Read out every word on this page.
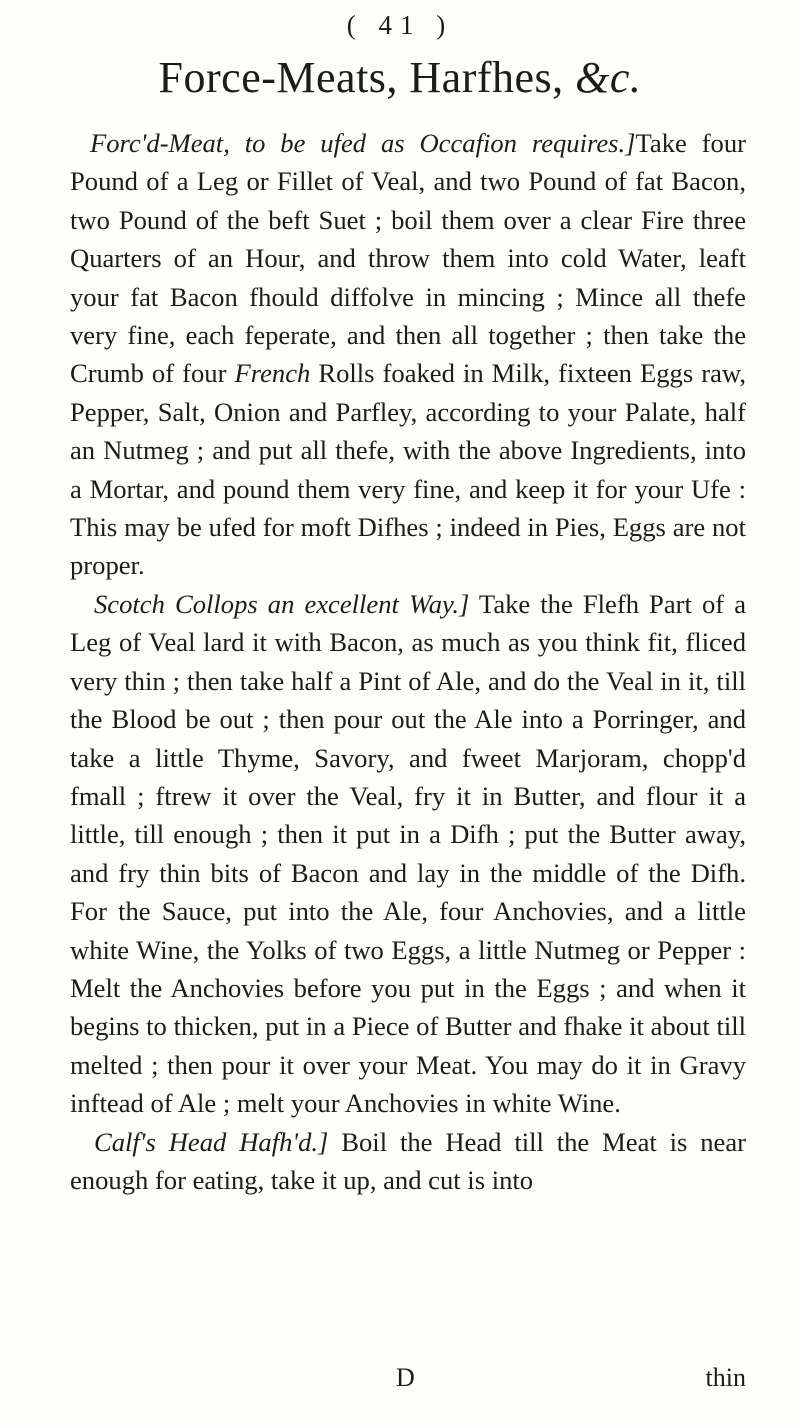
( 41 )
Force-Meats, Harfhes, &c.

Forc'd-Meat, to be ufed as Occafion requires.]Take four Pound of a Leg or Fillet of Veal, and two Pound of fat Bacon, two Pound of the beft Suet ; boil them over a clear Fire three Quarters of an Hour, and throw them into cold Water, leaft your fat Bacon fhould diffolve in mincing ; Mince all thefe very fine, each feperate, and then all together ; then take the Crumb of four French Rolls foaked in Milk, fixteen Eggs raw, Pepper, Salt, Onion and Parfley, according to your Palate, half an Nutmeg ; and put all thefe, with the above Ingredients, into a Mortar, and pound them very fine, and keep it for your Ufe : This may be ufed for moft Difhes ; indeed in Pies, Eggs are not proper.

Scotch Collops an excellent Way.] Take the Flefh Part of a Leg of Veal lard it with Bacon, as much as you think fit, fliced very thin ; then take half a Pint of Ale, and do the Veal in it, till the Blood be out ; then pour out the Ale into a Porringer, and take a little Thyme, Savory, and fweet Marjoram, chopp'd fmall ; ftrew it over the Veal, fry it in Butter, and flour it a little, till enough ; then it put in a Difh ; put the Butter away, and fry thin bits of Bacon and lay in the middle of the Difh. For the Sauce, put into the Ale, four Anchovies, and a little white Wine, the Yolks of two Eggs, a little Nutmeg or Pepper : Melt the Anchovies before you put in the Eggs ; and when it begins to thicken, put in a Piece of Butter and fhake it about till melted ; then pour it over your Meat. You may do it in Gravy inftead of Ale ; melt your Anchovies in white Wine.

Calf's Head Hafh'd.] Boil the Head till the Meat is near enough for eating, take it up, and cut is into

D	thin
